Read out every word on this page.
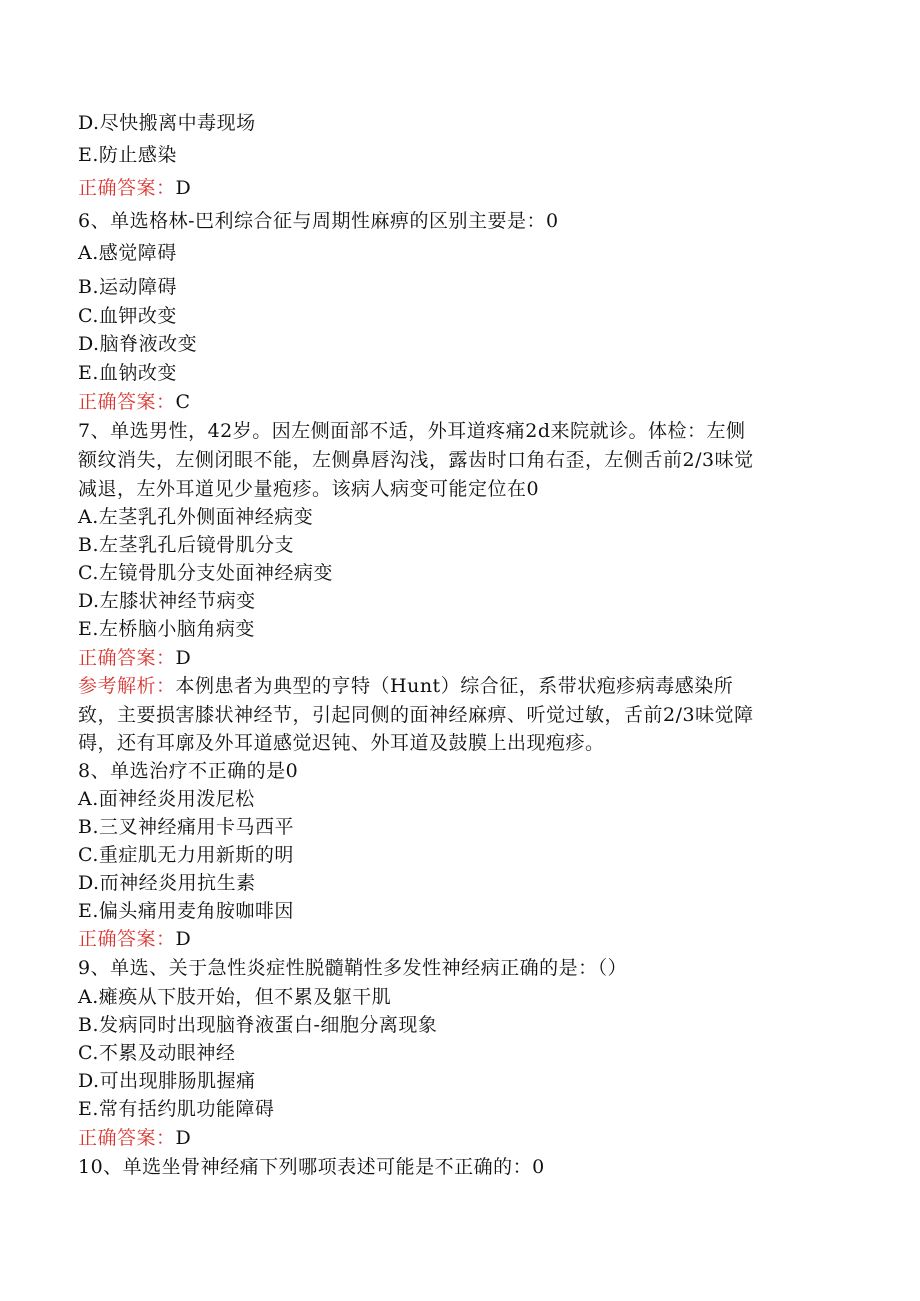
D.尽快搬离中毒现场
E.防止感染
正确答案：D
6、单选格林-巴利综合征与周期性麻痹的区别主要是：0
A.感觉障碍
B.运动障碍
C.血钾改变
D.脑脊液改变
E.血钠改变
正确答案：C
7、单选男性，42岁。因左侧面部不适，外耳道疼痛2d来院就诊。体检：左侧
额纹消失，左侧闭眼不能，左侧鼻唇沟浅，露齿时口角右歪，左侧舌前2/3味觉
减退，左外耳道见少量疱疹。该病人病变可能定位在0
A.左茎乳孔外侧面神经病变
B.左茎乳孔后镜骨肌分支
C.左镜骨肌分支处面神经病变
D.左膝状神经节病变
E.左桥脑小脑角病变
正确答案：D
参考解析：本例患者为典型的亨特（Hunt）综合征，系带状疱疹病毒感染所
致，主要损害膝状神经节，引起同侧的面神经麻痹、听觉过敏，舌前2/3味觉障
碍，还有耳廓及外耳道感觉迟钝、外耳道及鼓膜上出现疱疹。
8、单选治疗不正确的是0
A.面神经炎用泼尼松
B.三叉神经痛用卡马西平
C.重症肌无力用新斯的明
D.而神经炎用抗生素
E.偏头痛用麦角胺咖啡因
正确答案：D
9、单选、关于急性炎症性脱髓鞘性多发性神经病正确的是：（）
A.瘫痪从下肢开始，但不累及躯干肌
B.发病同时出现脑脊液蛋白-细胞分离现象
C.不累及动眼神经
D.可出现腓肠肌握痛
E.常有括约肌功能障碍
正确答案：D
10、单选坐骨神经痛下列哪项表述可能是不正确的：0
